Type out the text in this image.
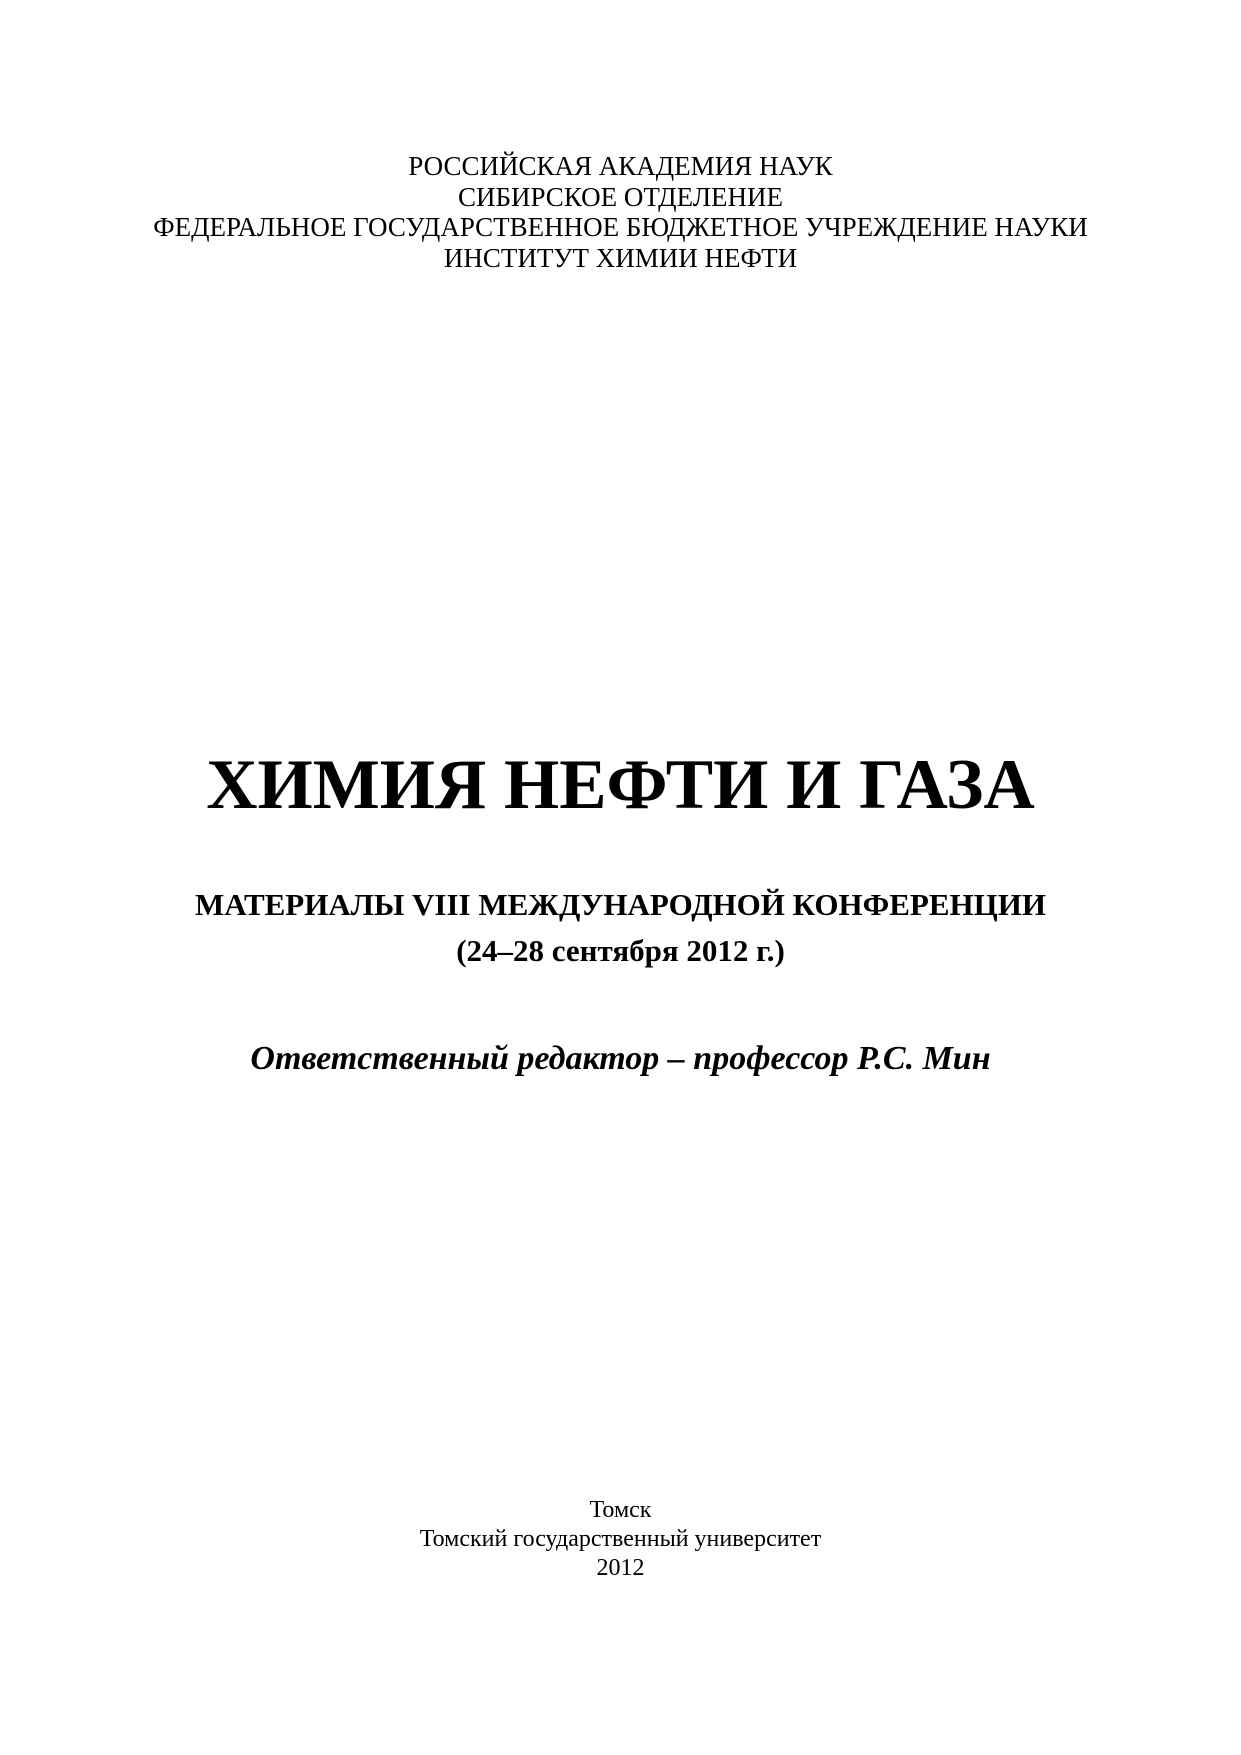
РОССИЙСКАЯ АКАДЕМИЯ НАУК
СИБИРСКОЕ ОТДЕЛЕНИЕ
ФЕДЕРАЛЬНОЕ ГОСУДАРСТВЕННОЕ БЮДЖЕТНОЕ УЧРЕЖДЕНИЕ НАУКИ
ИНСТИТУТ ХИМИИ НЕФТИ
ХИМИЯ НЕФТИ И ГАЗА
МАТЕРИАЛЫ VIII МЕЖДУНАРОДНОЙ КОНФЕРЕНЦИИ
(24–28 сентября 2012 г.)
Ответственный редактор – профессор Р.С. Мин
Томск
Томский государственный университет
2012
